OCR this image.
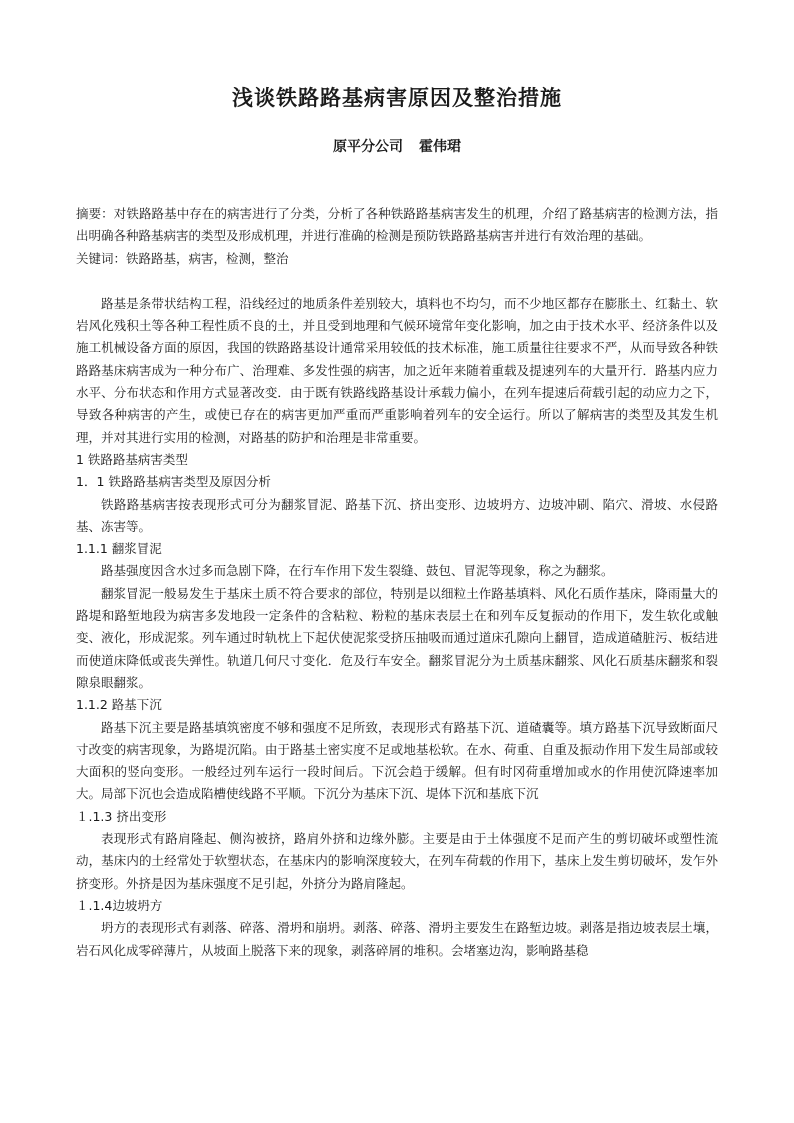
浅谈铁路路基病害原因及整治措施
原平分公司 霍伟珺

摘要：对铁路路基中存在的病害进行了分类，分析了各种铁路路基病害发生的机理，介绍了路基病害的检测方法，指出明确各种路基病害的类型及形成机理，并进行准确的检测是预防铁路路基病害并进行有效治理的基础。

关键词：铁路路基，病害，检测，整治

路基是条带状结构工程，沿线经过的地质条件差别较大，填料也不均匀，而不少地区都存在膨胀土、红黏土、软岩风化残积土等各种工程性质不良的土，并且受到地理和气候环境常年变化影响，加之由于技术水平、经济条件以及施工机械设备方面的原因，我国的铁路路基设计通常采用较低的技术标准，施工质量往往要求不严，从而导致各种铁路路基床病害成为一种分布广、治理难、多发性强的病害，加之近年来随着重载及提速列车的大量开行．路基内应力水平、分布状态和作用方式显著改变．由于既有铁路线路基设计承载力偏小，在列车提速后荷载引起的动应力之下，导致各种病害的产生，或使已存在的病害更加严重而严重影响着列车的安全运行。所以了解病害的类型及其发生机理，并对其进行实用的检测，对路基的防护和治理是非常重要。

1 铁路路基病害类型

1．1 铁路路基病害类型及原因分析

铁路路基病害按表现形式可分为翻浆冒泥、路基下沉、挤出变形、边坡坍方、边坡冲刷、陷穴、滑坡、水侵路基、冻害等。

1.1.1 翻浆冒泥

路基强度因含水过多而急剧下降，在行车作用下发生裂缝、鼓包、冒泥等现象，称之为翻浆。

翻浆冒泥一般易发生于基床土质不符合要求的部位，特别是以细粒土作路基填料、风化石质作基床，降雨量大的路堤和路堑地段为病害多发地段一定条件的含粘粒、粉粒的基床表层土在和列车反复振动的作用下，发生软化或触变、液化，形成泥浆。列车通过时轨枕上下起伏使泥浆受挤压抽吸而通过道床孔隙向上翻冒，造成道碴脏污、板结进而使道床降低或丧失弹性。轨道几何尺寸变化．危及行车安全。翻浆冒泥分为土质基床翻浆、风化石质基床翻浆和裂隙泉眼翻浆。

1.1.2 路基下沉

路基下沉主要是路基填筑密度不够和强度不足所致，表现形式有路基下沉、道碴囊等。填方路基下沉导致断面尺寸改变的病害现象，为路堤沉陷。由于路基土密实度不足或地基松软。在水、荷重、自重及振动作用下发生局部或较大面积的竖向变形。一般经过列车运行一段时间后。下沉会趋于缓解。但有时冈荷重增加或水的作用使沉降速率加大。局部下沉也会造成陷槽使线路不平顺。下沉分为基床下沉、堤体下沉和基底下沉

１.1.3 挤出变形

表现形式有路肩隆起、侧沟被挤，路肩外挤和边缘外膨。主要是由于土体强度不足而产生的剪切破坏或塑性流动，基床内的土经常处于软塑状态，在基床内的影响深度较大，在列车荷载的作用下，基床上发生剪切破坏，发乍外挤变形。外挤是因为基床强度不足引起，外挤分为路肩隆起。

１.1.4边坡坍方

坍方的表现形式有剥落、碎落、滑坍和崩坍。剥落、碎落、滑坍主要发生在路堑边坡。剥落是指边坡表层土壤，岩石风化成零碎薄片，从坡面上脱落下来的现象，剥落碎屑的堆积。会堵塞边沟，影响路基稳
